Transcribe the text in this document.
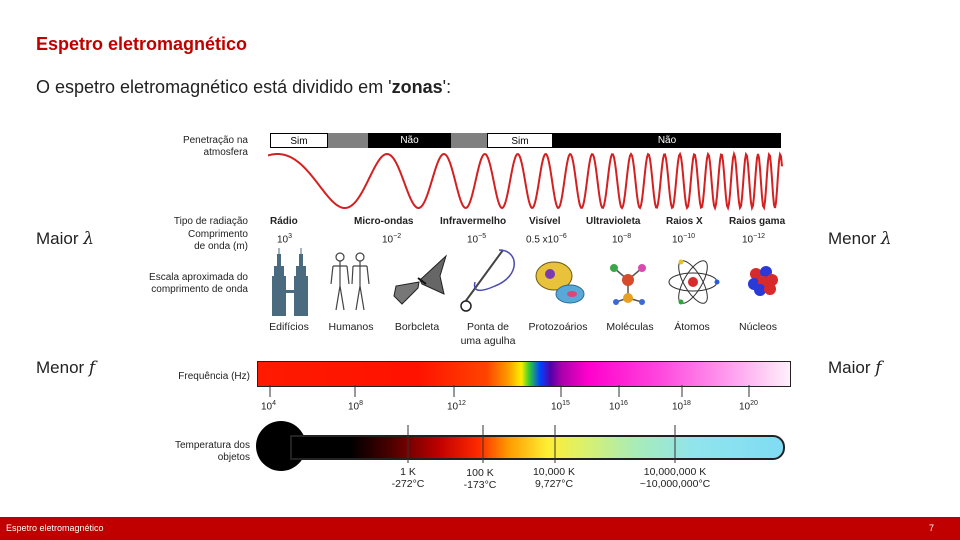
Espetro eletromagnético
O espetro eletromagnético está dividido em 'zonas':
Maior λ	Menor λ
Menor f	Maior f
Penetração na
atmosfera
Tipo de radiação
Comprimento
de onda (m)
Escala aproximada do
comprimento de onda
Frequência (Hz)
Temperatura dos
objetos
Sim	Não	Sim	Não
Rádio	Micro-ondas	Infravermelho Visível	Ultravioleta	Raios X	Raios gama
$10^3$	$10^{-2}$	$10^{-5}$	0.5 $x10^{-6}$	$10^{-8}$	$10^{-10}$	$10^{-12}$
Edifícios	Humanos	Borbcleta	Ponta de
uma agulha
Protozoários	Moléculas	Átomos	Núcleos
$10^4$	$10^8$	$10^{12}$	$10^{15}$	$10^{16}$	$10^{18}$	$10^{20}$
1 K
-272°C
100 K
-173°C
10,000 K
9,727°C
10,000,000 K
~10,000,000°C
Espetro eletromagnético	7
